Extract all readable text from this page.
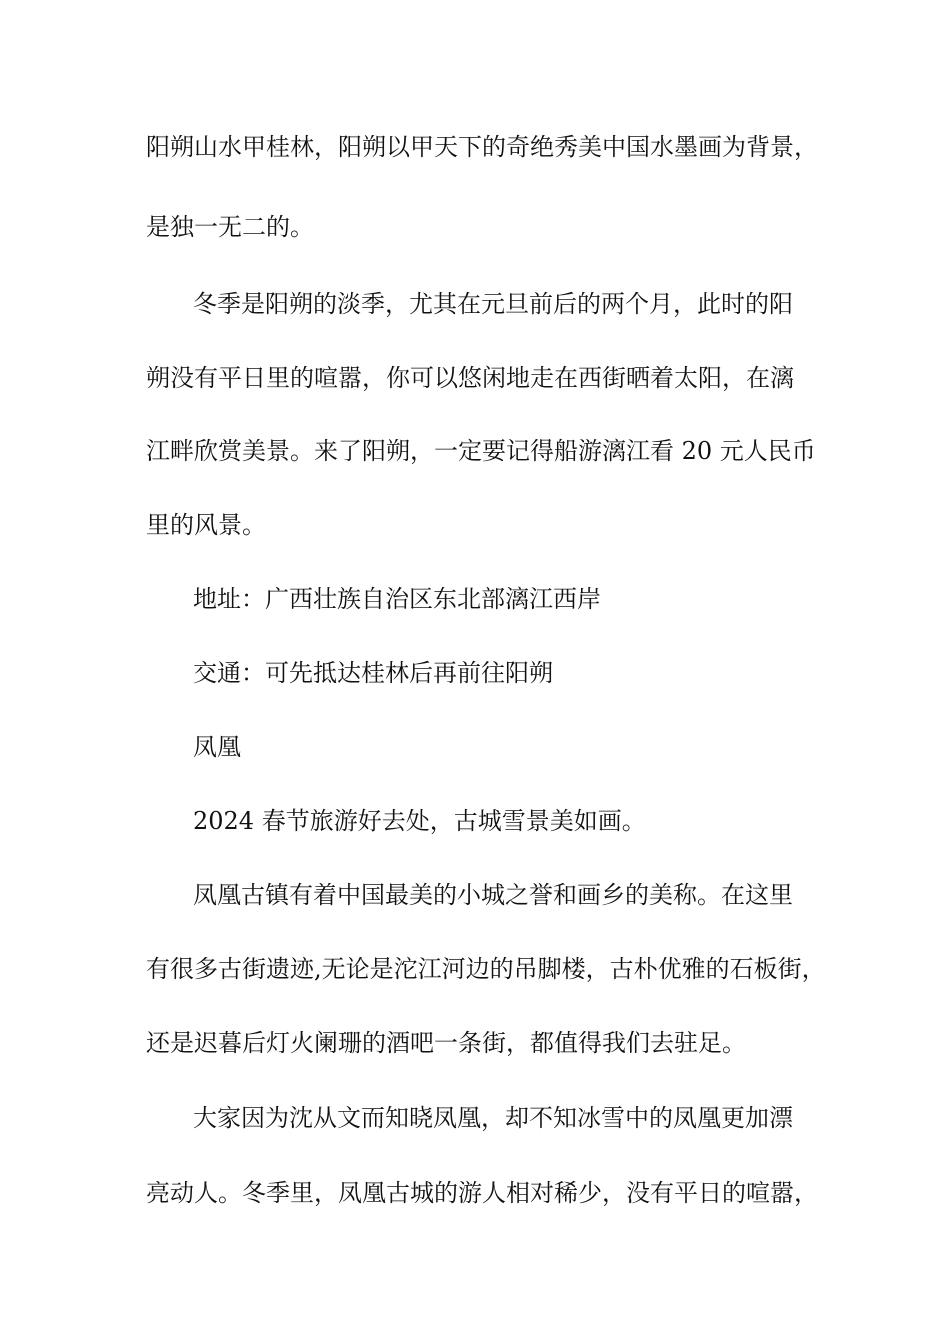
阳朔山水甲桂林，阳朔以甲天下的奇绝秀美中国水墨画为背景，
是独一无二的。
冬季是阳朔的淡季，尤其在元旦前后的两个月，此时的阳
朔没有平日里的喧嚣，你可以悠闲地走在西街晒着太阳，在漓
江畔欣赏美景。来了阳朔，一定要记得船游漓江看 20 元人民币
里的风景。
地址：广西壮族自治区东北部漓江西岸
交通：可先抵达桂林后再前往阳朔
凤凰
2024 春节旅游好去处，古城雪景美如画。
凤凰古镇有着中国最美的小城之誉和画乡的美称。在这里
有很多古街遗迹,无论是沱江河边的吊脚楼，古朴优雅的石板街，
还是迟暮后灯火阑珊的酒吧一条街，都值得我们去驻足。
大家因为沈从文而知晓凤凰，却不知冰雪中的凤凰更加漂
亮动人。冬季里，凤凰古城的游人相对稀少，没有平日的喧嚣，
